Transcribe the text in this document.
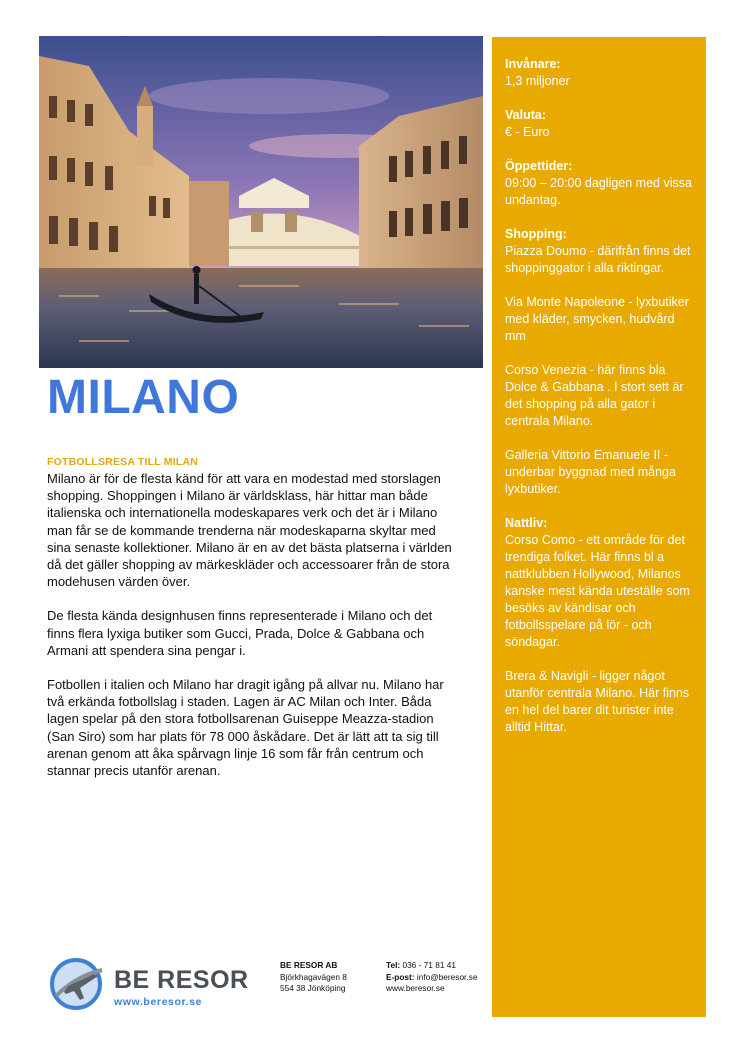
MILANO
FOTBOLLSRESA TILL MILAN

Milano är för de flesta känd för att vara en modestad med storslagen shopping. Shoppingen i Milano är världsklass, här hittar man både italienska och internationella modeskapares verk och det är i Milano man får se de kommande trenderna när modeskaparna skyltar med sina senaste kollektioner. Milano är en av det bästa platserna i världen då det gäller shopping av märkeskläder och accessoarer från de stora modehusen värden över.

De flesta kända designhusen finns representerade i Milano och det finns flera lyxiga butiker som Gucci, Prada, Dolce & Gabbana och Armani att spendera sina pengar i.

Fotbollen i italien och Milano har dragit igång på allvar nu. Milano har två erkända fotbollslag i staden. Lagen är AC Milan och Inter. Båda lagen spelar på den stora fotbollsarenan Guiseppe Meazza-stadion (San Siro) som har plats för 78 000 åskådare. Det är lätt att ta sig till arenan genom att åka spårvagn linje 16 som får från centrum och stannar precis utanför arenan.

Invånare:
1,3 miljoner
Valuta:
€ - Euro
Öppettider:
09:00 – 20:00 dagligen med vissa undantag.
Shopping:

Piazza Doumo - därifrån finns det shoppinggator i alla riktingar.

Via Monte Napoleone - lyxbutiker med kläder, smycken, hudvård mm

Corso Venezia - här finns bla Dolce & Gabbana . I stort sett är det shopping på alla gator i centrala Milano.

Galleria Vittorio Emanuele II - underbar byggnad med många lyxbutiker.

Nattliv:

Corso Como - ett område för det trendiga folket. Här finns bl a nattklubben Hollywood, Milanos kanske mest kända uteställe som besöks av kändisar och fotbollsspelare på lör - och söndagar.

Brera & Navigli - ligger något utanför centrala Milano. Här finns en hel del barer dit turister inte alltid Hittar.

BE RESOR
www.beresor.se
BE RESOR AB
Björkhagavägen 8
554 38 Jönköping
Tel: 036 - 71 81 41
E-post: info@beresor.se
www.beresor.se
